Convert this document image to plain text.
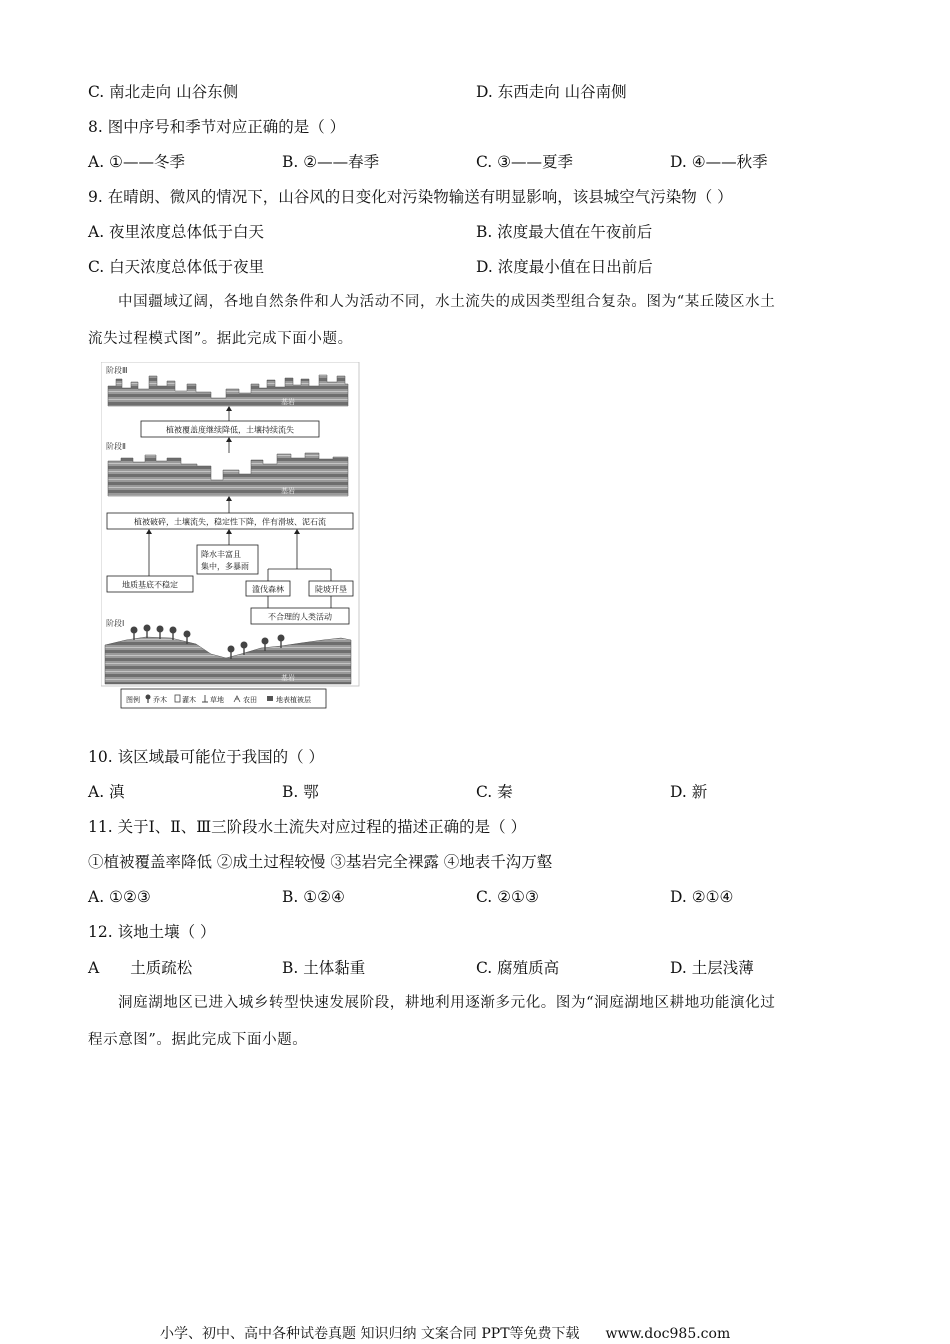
C. 南北走向 山谷东侧	D. 东西走向 山谷南侧
8. 图中序号和季节对应正确的是（ ）
A. ①——冬季	B. ②——春季	C. ③——夏季	D. ④——秋季
9. 在晴朗、微风的情况下，山谷风的日变化对污染物输送有明显影响，该县城空气污染物（ ）
A. 夜里浓度总体低于白天	B. 浓度最大值在午夜前后
C. 白天浓度总体低于夜里	D. 浓度最小值在日出前后
中国疆域辽阔，各地自然条件和人为活动不同，水土流失的成因类型组合复杂。图为“某丘陵区水土
流失过程模式图”。据此完成下面小题。
阶段Ⅲ
基岩
植被覆盖度继续降低，土壤持续流失
阶段Ⅱ
基岩
植被破碎，土壤流失，稳定性下降，伴有滑坡、泥石流
降水丰富且
集中，多暴雨
地质基底不稳定	滥伐森林	陡坡开垦
不合理的人类活动
阶段Ⅰ
基岩
图例 乔木 灌木 草地	农田	地表植被层
10. 该区域最可能位于我国的（ ）
A. 滇	B. 鄂	C. 秦	D. 新
11. 关于Ⅰ、Ⅱ、Ⅲ三阶段水土流失对应过程的描述正确的是（ ）
①植被覆盖率降低 ②成土过程较慢 ③基岩完全裸露 ④地表千沟万壑
A. ①②③	B. ①②④	C. ②①③	D. ②①④
12. 该地土壤（ ）
A　　土质疏松	B. 土体黏重	C. 腐殖质高	D. 土层浅薄
洞庭湖地区已进入城乡转型快速发展阶段，耕地利用逐渐多元化。图为“洞庭湖地区耕地功能演化过
程示意图”。据此完成下面小题。
小学、初中、高中各种试卷真题 知识归纳 文案合同 PPT等免费下载 www.doc985.com
